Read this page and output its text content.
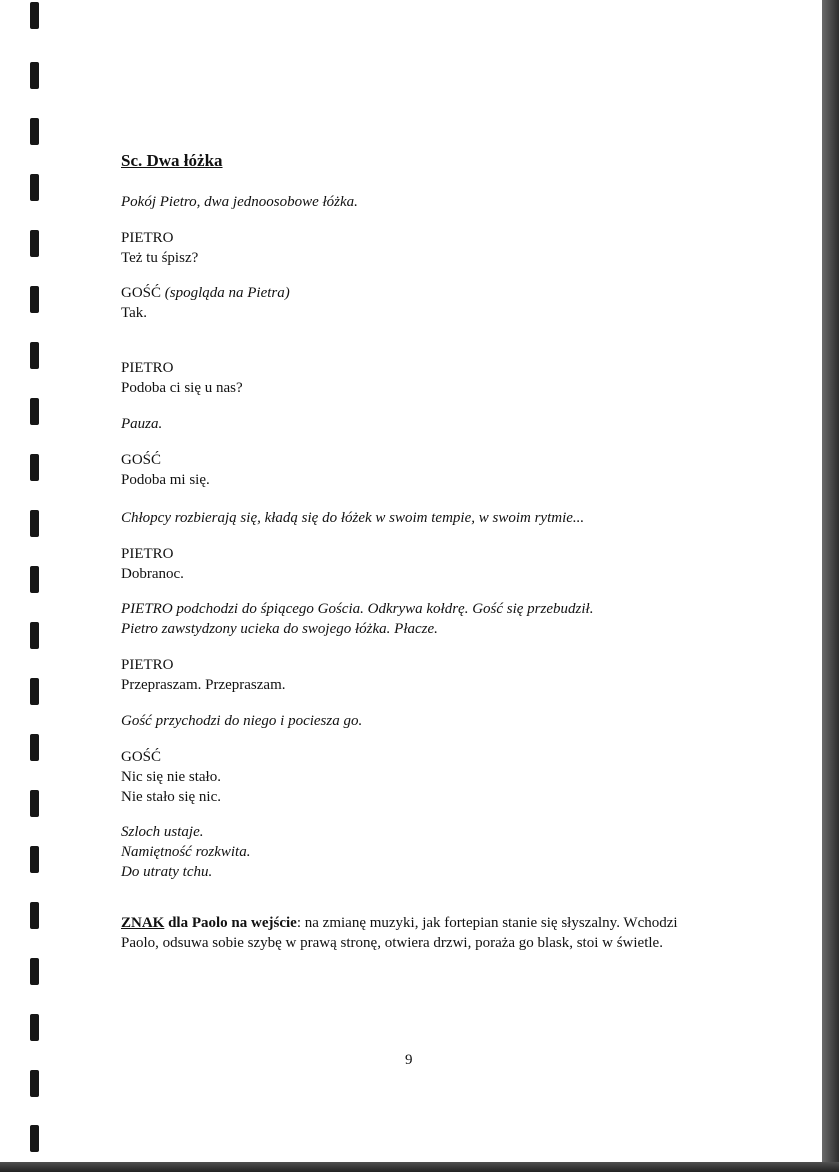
Sc. Dwa łóżka
Pokój Pietro, dwa jednoosobowe łóżka.
PIETRO
Też tu śpisz?
GOŚĆ (spogląda na Pietra)
Tak.
PIETRO
Podoba ci się u nas?
Pauza.
GOŚĆ
Podoba mi się.
Chłopcy rozbierają się, kładą się do łóżek w swoim tempie, w swoim rytmie...
PIETRO
Dobranoc.
PIETRO podchodzi do śpiącego Gościa. Odkrywa kołdrę. Gość się przebudził.
Pietro zawstydzony ucieka do swojego łóżka. Płacze.
PIETRO
Przepraszam. Przepraszam.
Gość przychodzi do niego i pociesza go.
GOŚĆ
Nic się nie stało.
Nie stało się nic.
Szloch ustaje.
Namiętność rozkwita.
Do utraty tchu.
ZNAK dla Paolo na wejście: na zmianę muzyki, jak fortepian stanie się słyszalny. Wchodzi Paolo, odsuwa sobie szybę w prawą stronę, otwiera drzwi, poraża go blask, stoi w świetle.
9
